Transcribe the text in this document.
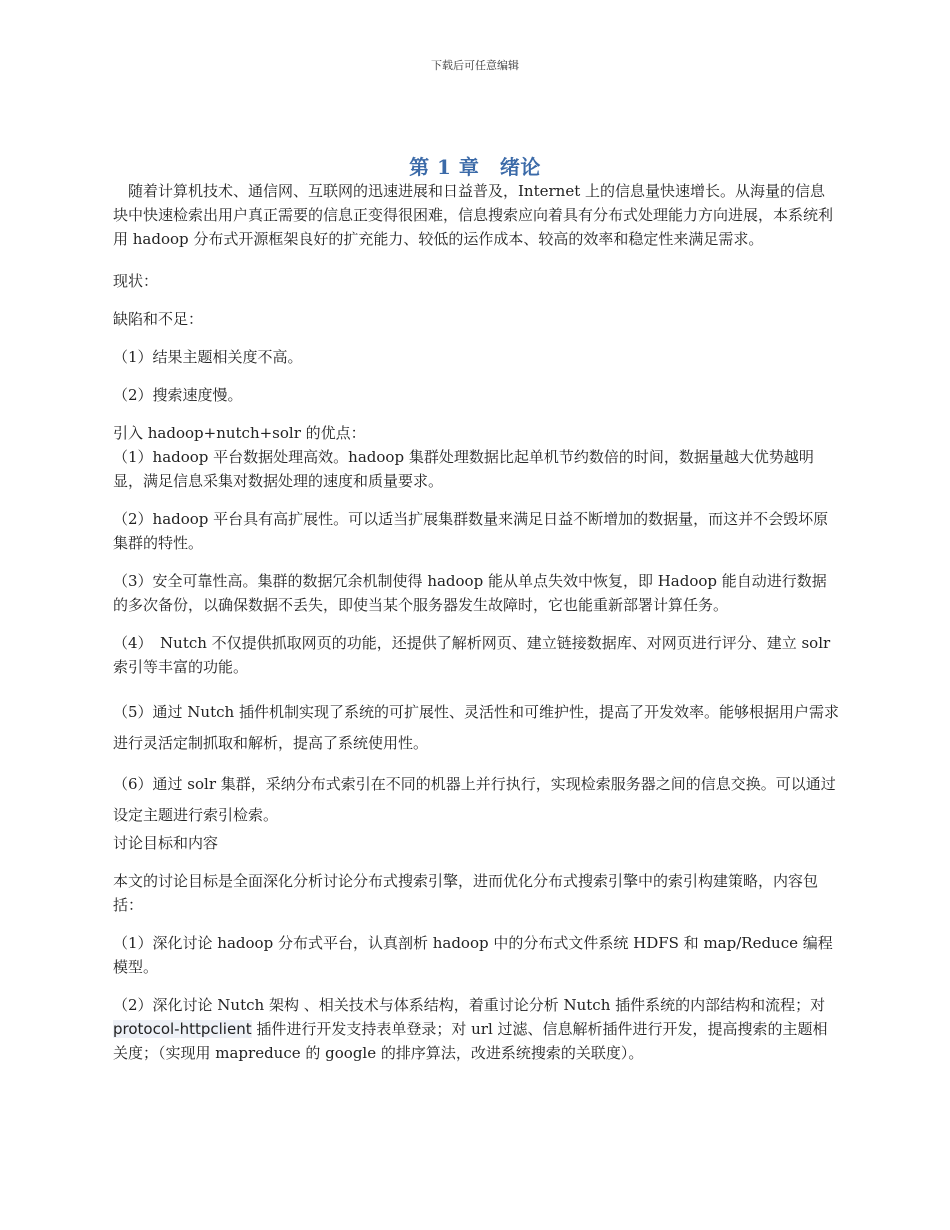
下载后可任意编辑
第 1 章　绪论

随着计算机技术、通信网、互联网的迅速进展和日益普及，Internet 上的信息量快速增长。从海量的信息块中快速检索出用户真正需要的信息正变得很困难，信息搜索应向着具有分布式处理能力方向进展，本系统利用 hadoop 分布式开源框架良好的扩充能力、较低的运作成本、较高的效率和稳定性来满足需求。

现状：

缺陷和不足：

（1）结果主题相关度不高。

（2）搜索速度慢。

引入 hadoop+nutch+solr 的优点：

（1）hadoop 平台数据处理高效。hadoop 集群处理数据比起单机节约数倍的时间，数据量越大优势越明显，满足信息采集对数据处理的速度和质量要求。

（2）hadoop 平台具有高扩展性。可以适当扩展集群数量来满足日益不断增加的数据量，而这并不会毁坏原集群的特性。

（3）安全可靠性高。集群的数据冗余机制使得 hadoop 能从单点失效中恢复，即 Hadoop 能自动进行数据的多次备份，以确保数据不丢失，即使当某个服务器发生故障时，它也能重新部署计算任务。

（4）　Nutch 不仅提供抓取网页的功能，还提供了解析网页、建立链接数据库、对网页进行评分、建立 solr 索引等丰富的功能。

（5）通过 Nutch 插件机制实现了系统的可扩展性、灵活性和可维护性，提高了开发效率。能够根据用户需求进行灵活定制抓取和解析，提高了系统使用性。

（6）通过 solr 集群，采纳分布式索引在不同的机器上并行执行，实现检索服务器之间的信息交换。可以通过设定主题进行索引检索。

讨论目标和内容

本文的讨论目标是全面深化分析讨论分布式搜索引擎，进而优化分布式搜索引擎中的索引构建策略，内容包括：

（1）深化讨论 hadoop 分布式平台，认真剖析 hadoop 中的分布式文件系统 HDFS 和 map/Reduce 编程模型。

（2）深化讨论 Nutch 架构 、相关技术与体系结构，着重讨论分析 Nutch 插件系统的内部结构和流程；对 protocol-httpclient 插件进行开发支持表单登录；对 url 过滤、信息解析插件进行开发，提高搜索的主题相关度；（实现用 mapreduce 的 google 的排序算法，改进系统搜索的关联度）。
